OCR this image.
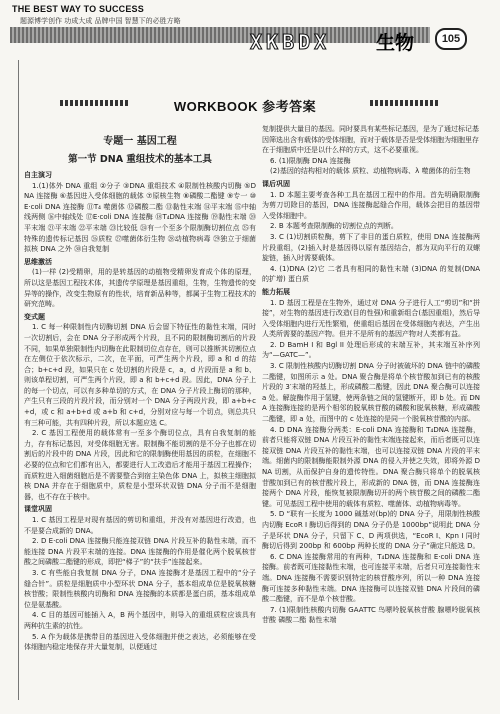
THE BEST WAY TO SUCCESS
题源博学创作 功成大成 品牌中国 智慧下的必胜方略
XKBDX 生物	105
WORKBOOK 参考答案
专题一 基因工程
第一节 DNA 重组技术的基本工具
自主演习
1.(1)体外 DNA 重组 ②分子 ③DNA 重组技术 ④限制性核酸内切酶 ⑤DNA 连接酶 ⑥基因进入受体细胞的载体 ⑦原核生物 ⑧磷酸二酯键 ⑨专一 ⑩E·coli DNA 连接酶 ⑪T₄ 噬菌体 ⑫磷酸二酯 ⑬黏性末端 ⑭平末端 ⑮中轴线两侧 ⑯中轴线处 ⑰E·coli DNA 连接酶 ⑱T₄DNA 连接酶 ⑲黏性末端 ⑳平末端 ㉑平末端 ㉒平末端 ㉓比较低 ㉔有一个至多个限制酶切割位点 ㉕有特殊的遗传标记基因 ㉖质粒 ㉗噬菌体衍生物 ㉘动植物病毒 ㉙独立于细菌拟核 DNA 之外 ㉚自我复制
思维激活
(1)一样 (2)受精卵，用的是转基因的动植物受精卵发育成个体的原理，所以这是基因工程技术体，其遗传学原理是基因重组，生物，生物遗传的变异等的操作，改变生物原有的性状，培育新品种等，都属于生物工程技术的研究范畴。
变式题
1. C 每一种限制性内切酶切割 DNA 后会留下特征性的黏性末端，同时一次切割后，会在 DNA 分子形成两个片段，且不同的限制酶切割后的片段不同，如果单独限制性内切酶在此限制切位点存在，则可以推断其切割位点在左侧位于依次标示，二次，在平面，可严生两个片段，即 a 和 d 的结合；b+c+d 段，如果只在 c 处切割的片段是 c，a，d 片段而是 a 和 b、则该单程切割，可严生两个片段，即 a 和 b+c+d 段。因此，DNA 分子上的每一个切点，可以有多种单切的方式，在 DNA 分子片段上酶切的那种，产生只有三段的片段片段，而分别对一个 DNA 分子两段片段，即 a+b+c+d，或 c 和 a+b+d 或 a+b 和 c+d，分别对应与每一个切点，则总共只有三种可能，共有四种片段，所以本题应选 C。
2. C 基因工程使用的载体常有一至多个酶切位点，具有自我复制的能力，存有标记基因，对受体细胞无害。限制酶不能切割的是不分子也都在切割后的片段中的 DNA 片段，因此和它的限制酶使用基因的质粒，在细胞不必要的位点和它们都有出入，都要进行人工改造后才能用于基因工程操作；而质粒进入细菌细胞后是不需要整合到宿主染色体 DNA 上，拟核主细胞拟核 DNA 并存在于细胞质中，质粒是小型环状双链 DNA 分子而不是细胞器，也不存在于核中。
课堂巩固
1. C 基因工程是对现有基因的剪切和重组，并没有对基因进行改造，也不是要合成新的 DNA。
2. D E·coli DNA 连接酶只能连接双链 DNA 片段互补的黏性末端，而不能连接 DNA 片段平末端的连接。DNA 连接酶的作用是催化两个脱氧核苷酸之间磷酸二酯键的形成，即把“梯子”的“扶手”连接起来。
3. C 有些能自我复制 DNA 分子，DNA 连接酶才是基因工程中的“分子缝合针”。质粒是细胞质中小型环状 DNA 分子，基本组成单位是脱氧核糖核苷酸；限制性核酸内切酶和 DNA 连接酶的本质都是蛋白质，基本组成单位是氨基酸。
4. C 目的基因可能插入 A，B 两个基因中，则导入的重组质粒应该具有两种抗生素的抗性。
5. A 作为载体是携带目的基因进入受体细胞并使之表达，必须能够在受体细胞内稳定地保存并大量复制，以便通过
复制提供大量目的基因。同时要具有某些标记基因，是为了通过标记基因筛选出含有载体的受体细胞，而对于载体是否是受体细胞为细胞里存在于细胞质中还是以什么样的方式，这不必要重视。
6. (1)限制酶 DNA 连接酶
(2)基因的结构相对的载体 质粒、动植物病毒、λ 噬菌体的衍生物
课后巩固
1. D 本题主要考查各种工具在基因工程中的作用。首先明确限制酶为剪刀切除目的基因，DNA 连接酶起缝合作用，载体会把目的基因带入受体细胞中。
2. B 本题考查限制酶的切割位点的判断。
3. C (1)切割质粒酶，剪下了非目的蛋白质粒，使用 DNA 连接酶两片段重组，(2)插入时是基因得以原有基因结合，都为双向平行的双螺旋链，插入时需要载体。
4. (1)DNA (2)它 二者具有相同的黏性末端 (3)DNA 的复制(DNA 的扩增) 蛋白质
能力拓展
1. D 基因工程是在生物外，通过对 DNA 分子进行人工“剪切”和“拼接”，对生物的基因进行改造(目的性强)和重新组合(基因重组)，然后导入受体细胞内进行无性繁殖，使重组后基因在受体细胞内表达，产生出人类所需要的基因产物。但并不是所有的基因产物对人类都有益。
2. D BamH I 和 Bgl II 处理后形成的末端互补，其末端互补序列为“—GATC—”。
3. C 限制性核酸内切酶切割 DNA 分子时被破坏的 DNA 链中的磷酸二酯键，如图所示 a 处。DNA 聚合酶是将单个核苷酸加到已有的核酸片段的 3′末端的羟基上，形成磷酸二酯键，因此 DNA 聚合酶可以连接 a 处。解旋酶作用于氢键，使两条链之间的氢键断开，即 b 处。而 DNA 连接酶连接的是两个相邻的脱氧核苷酸的磷酸和脱氧核糖，形成磷酸二酯键，即 a 处，而图中的 c 处连接的是同一个脱氧核苷酸的内部。
4. D DNA 连接酶分两类：E·coli DNA 连接酶和 T₄DNA 连接酶，前者只能将双链 DNA 片段互补的黏性末端连接起来，而后者既可以连接双链 DNA 片段互补的黏性末端，也可以连接双链 DNA 片段的平末端。细菌内的限制酶能限制外源 DNA 的侵入并使之失效，即将外源 DNA 切割，从而保护自身的遗传特性。DNA 聚合酶只将单个的脱氧核苷酸加到已有的核苷酸片段上，形成新的 DNA 链，而 DNA 连接酶连接两个 DNA 片段，能恢复被限制酶切开的两个核苷酸之间的磷酸二酯键。可见基因工程中使用的载体有质粒、噬菌体、动植物病毒等。
5. D “联有一长度为 1000 碱基对(bp)的 DNA 分子，用限制性核酸内切酶 EcoR I 酶切后得到的 DNA 分子仍是 1000bp”说明此 DNA 分子是环状 DNA 分子，只留下 C、D 两项供选，“EcoR I、Kpn I 同时酶切后得到 200bp 和 600bp 两种长度的 DNA 分子”确定只能选 D。
6. C DNA 连接酶常用的有两种，T₄DNA 连接酶和 E·coli DNA 连接酶。前者既可连接黏性末端，也可连接平末端，后者只可连接黏性末端。DNA 连接酶不需要识别特定的核苷酸序列，所以一种 DNA 连接酶可连接多种黏性末端。DNA 连接酶可以连接双链 DNA 片段间的磷酸二酯键，而不是单个核苷酸。
7. (1)限制性核酸内切酶 GAATTC 鸟嘌呤脱氧核苷酸 腺嘌呤脱氧核苷酸 磷酸二酯 黏性末端
